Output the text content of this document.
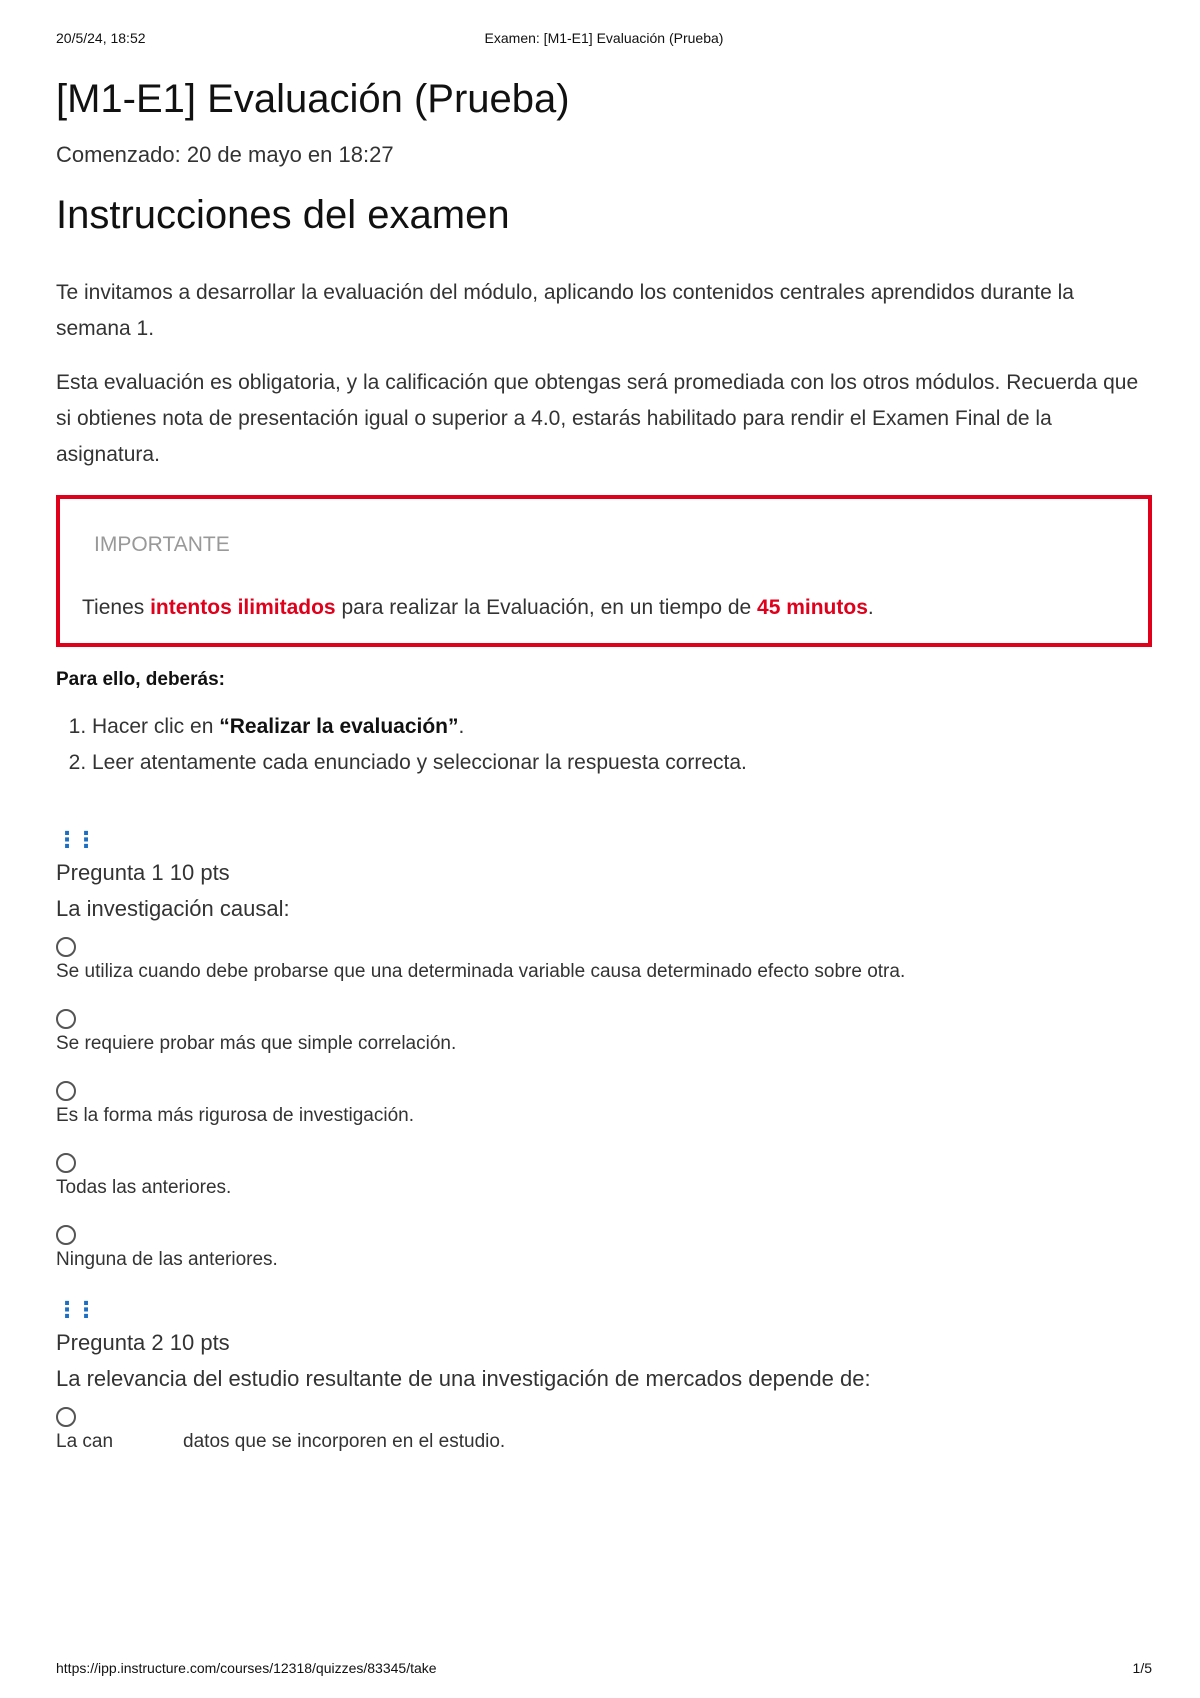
20/5/24, 18:52	Examen: [M1-E1] Evaluación (Prueba)
[M1-E1] Evaluación (Prueba)
Comenzado: 20 de mayo en 18:27
Instrucciones del examen

Te invitamos a desarrollar la evaluación del módulo, aplicando los contenidos centrales aprendidos durante la semana 1.

Esta evaluación es obligatoria, y la calificación que obtengas será promediada con los otros módulos. Recuerda que si obtienes nota de presentación igual o superior a 4.0, estarás habilitado para rendir el Examen Final de la asignatura.

IMPORTANTE
Tienes intentos ilimitados para realizar la Evaluación, en un tiempo de 45 minutos.
Para ello, deberás:
1. Hacer clic en “Realizar la evaluación”.
2. Leer atentamente cada enunciado y seleccionar la respuesta correcta.
⋮⋮
Pregunta 1 10 pts
La investigación causal:
Se utiliza cuando debe probarse que una determinada variable causa determinado efecto sobre otra.
Se requiere probar más que simple correlación.
Es la forma más rigurosa de investigación.
Todas las anteriores.
Ninguna de las anteriores.
⋮⋮
Pregunta 2 10 pts
La relevancia del estudio resultante de una investigación de mercados depende de:
La can	datos que se incorporen en el estudio.
https://ipp.instructure.com/courses/12318/quizzes/83345/take	1/5
